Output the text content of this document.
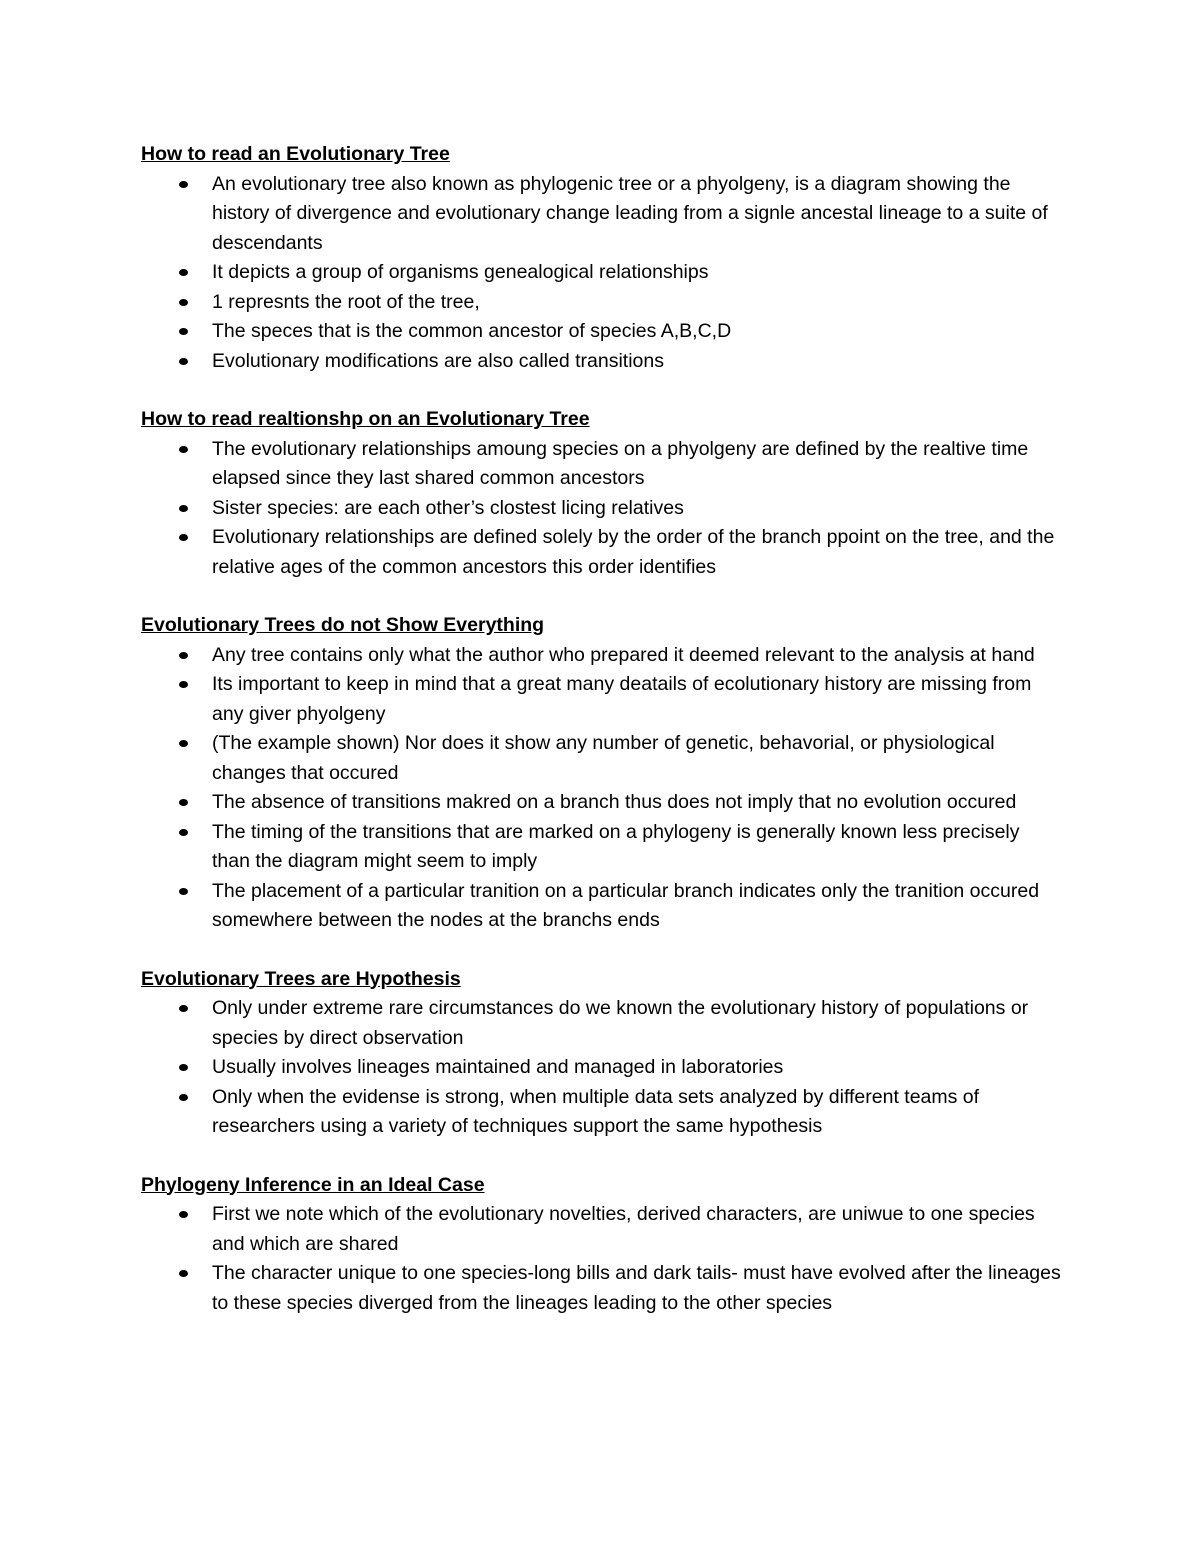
How to read an Evolutionary Tree
An evolutionary tree also known as phylogenic tree or a phyolgeny, is a diagram showing the history of divergence and evolutionary change leading from a signle ancestal lineage to a suite of descendants
It depicts a group of organisms genealogical relationships
1 represnts the root of the tree,
The speces that is the common ancestor of species A,B,C,D
Evolutionary modifications are also called transitions
How to read realtionshp on an Evolutionary Tree
The evolutionary relationships amoung species on a phyolgeny are defined by the realtive time elapsed since they last shared common ancestors
Sister species: are each other’s clostest licing relatives
Evolutionary relationships are defined solely by the order of the branch ppoint on the tree, and the relative ages of the common ancestors this order identifies
Evolutionary Trees do not Show Everything
Any tree contains only what the author who prepared it deemed relevant to the analysis at hand
Its important to keep in mind that a great many deatails of ecolutionary history are missing from any giver phyolgeny
(The example shown) Nor does it show any number of genetic, behavorial, or physiological changes that occured
The absence of transitions makred on a branch thus does not imply that no evolution occured
The timing of the transitions that are marked on a phylogeny is generally known less precisely than the diagram might seem to imply
The placement of a particular tranition on a particular branch indicates only the tranition occured somewhere between the nodes at the branchs ends
Evolutionary Trees are Hypothesis
Only under extreme rare circumstances do we known the evolutionary history of populations or species by direct observation
Usually involves lineages maintained and managed in laboratories
Only when the evidense is strong, when multiple data sets analyzed by different teams of researchers using a variety of techniques support the same hypothesis
Phylogeny Inference in an Ideal Case
First we note which of the evolutionary novelties, derived characters, are uniwue to one species and which are shared
The character unique to one species-long bills and dark tails- must have evolved after the lineages to these species diverged from the lineages leading to the other species
